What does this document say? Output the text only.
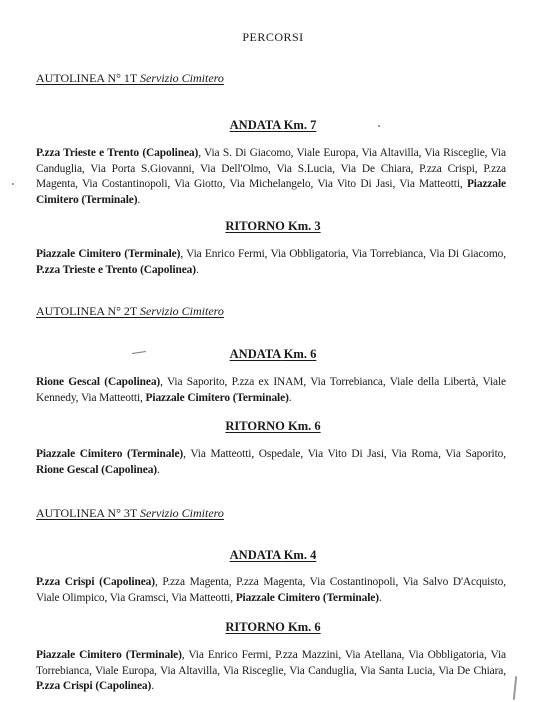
PERCORSI
AUTOLINEA N° 1T Servizio Cimitero
ANDATA Km. 7
P.zza Trieste e Trento (Capolinea), Via S. Di Giacomo, Viale Europa, Via Altavilla, Via Risceglie, Via Canduglia, Via Porta S.Giovanni, Via Dell'Olmo, Via S.Lucia, Via De Chiara, P.zza Crispi, P.zza Magenta, Via Costantinopoli, Via Giotto, Via Michelangelo, Via Vito Di Jasi, Via Matteotti, Piazzale Cimitero (Terminale).
RITORNO Km. 3
Piazzale Cimitero (Terminale), Via Enrico Fermi, Via Obbligatoria, Via Torrebianca, Via Di Giacomo, P.zza Trieste e Trento (Capolinea).
AUTOLINEA N° 2T Servizio Cimitero
ANDATA Km. 6
Rione Gescal (Capolinea), Via Saporito, P.zza ex INAM, Via Torrebianca, Viale della Libertà, Viale Kennedy, Via Matteotti, Piazzale Cimitero (Terminale).
RITORNO Km. 6
Piazzale Cimitero (Terminale), Via Matteotti, Ospedale, Via Vito Di Jasi, Via Roma, Via Saporito, Rione Gescal (Capolinea).
AUTOLINEA N° 3T Servizio Cimitero
ANDATA Km. 4
P.zza Crispi (Capolinea), P.zza Magenta, P.zza Magenta, Via Costantinopoli, Via Salvo D'Acquisto, Viale Olimpico, Via Gramsci, Via Matteotti, Piazzale Cimitero (Terminale).
RITORNO Km. 6
Piazzale Cimitero (Terminale), Via Enrico Fermi, P.zza Mazzini, Via Atellana, Via Obbligatoria, Via Torrebianca, Viale Europa, Via Altavilla, Via Risceglie, Via Canduglia, Via Santa Lucia, Via De Chiara, P.zza Crispi (Capolinea).
